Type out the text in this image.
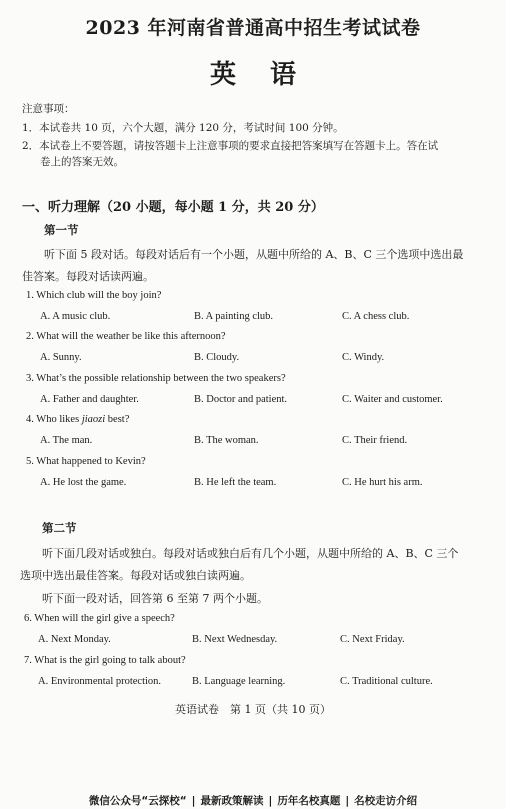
2023 年河南省普通高中招生考试试卷
英语
注意事项：
1．本试卷共 10 页，六个大题，满分 120 分，考试时间 100 分钟。
2．本试卷上不要答题，请按答题卡上注意事项的要求直接把答案填写在答题卡上。答在试
卷上的答案无效。
一、听力理解（20 小题，每小题 1 分，共 20 分）
第一节
听下面 5 段对话。每段对话后有一个小题，从题中所给的 A、B、C 三个选项中选出最
佳答案。每段对话读两遍。
1. Which club will the boy join?
A. A music club.	B. A painting club.	C. A chess club.
2. What will the weather be like this afternoon?
A. Sunny.	B. Cloudy.	C. Windy.
3. What’s the possible relationship between the two speakers?
A. Father and daughter.	B. Doctor and patient.	C. Waiter and customer.
4. Who likes jiaozi best?
A. The man.	B. The woman.	C. Their friend.
5. What happened to Kevin?
A. He lost the game.	B. He left the team.	C. He hurt his arm.
第二节
听下面几段对话或独白。每段对话或独白后有几个小题，从题中所给的 A、B、C 三个
选项中选出最佳答案。每段对话或独白读两遍。
听下面一段对话，回答第 6 至第 7 两个小题。
6. When will the girl give a speech?
A. Next Monday.	B. Next Wednesday.	C. Next Friday.
7. What is the girl going to talk about?
A. Environmental protection.	B. Language learning.	C. Traditional culture.
英语试卷　第 1 页（共 10 页）
微信公众号“云探校“ | 最新政策解读 | 历年名校真题 | 名校走访介绍
